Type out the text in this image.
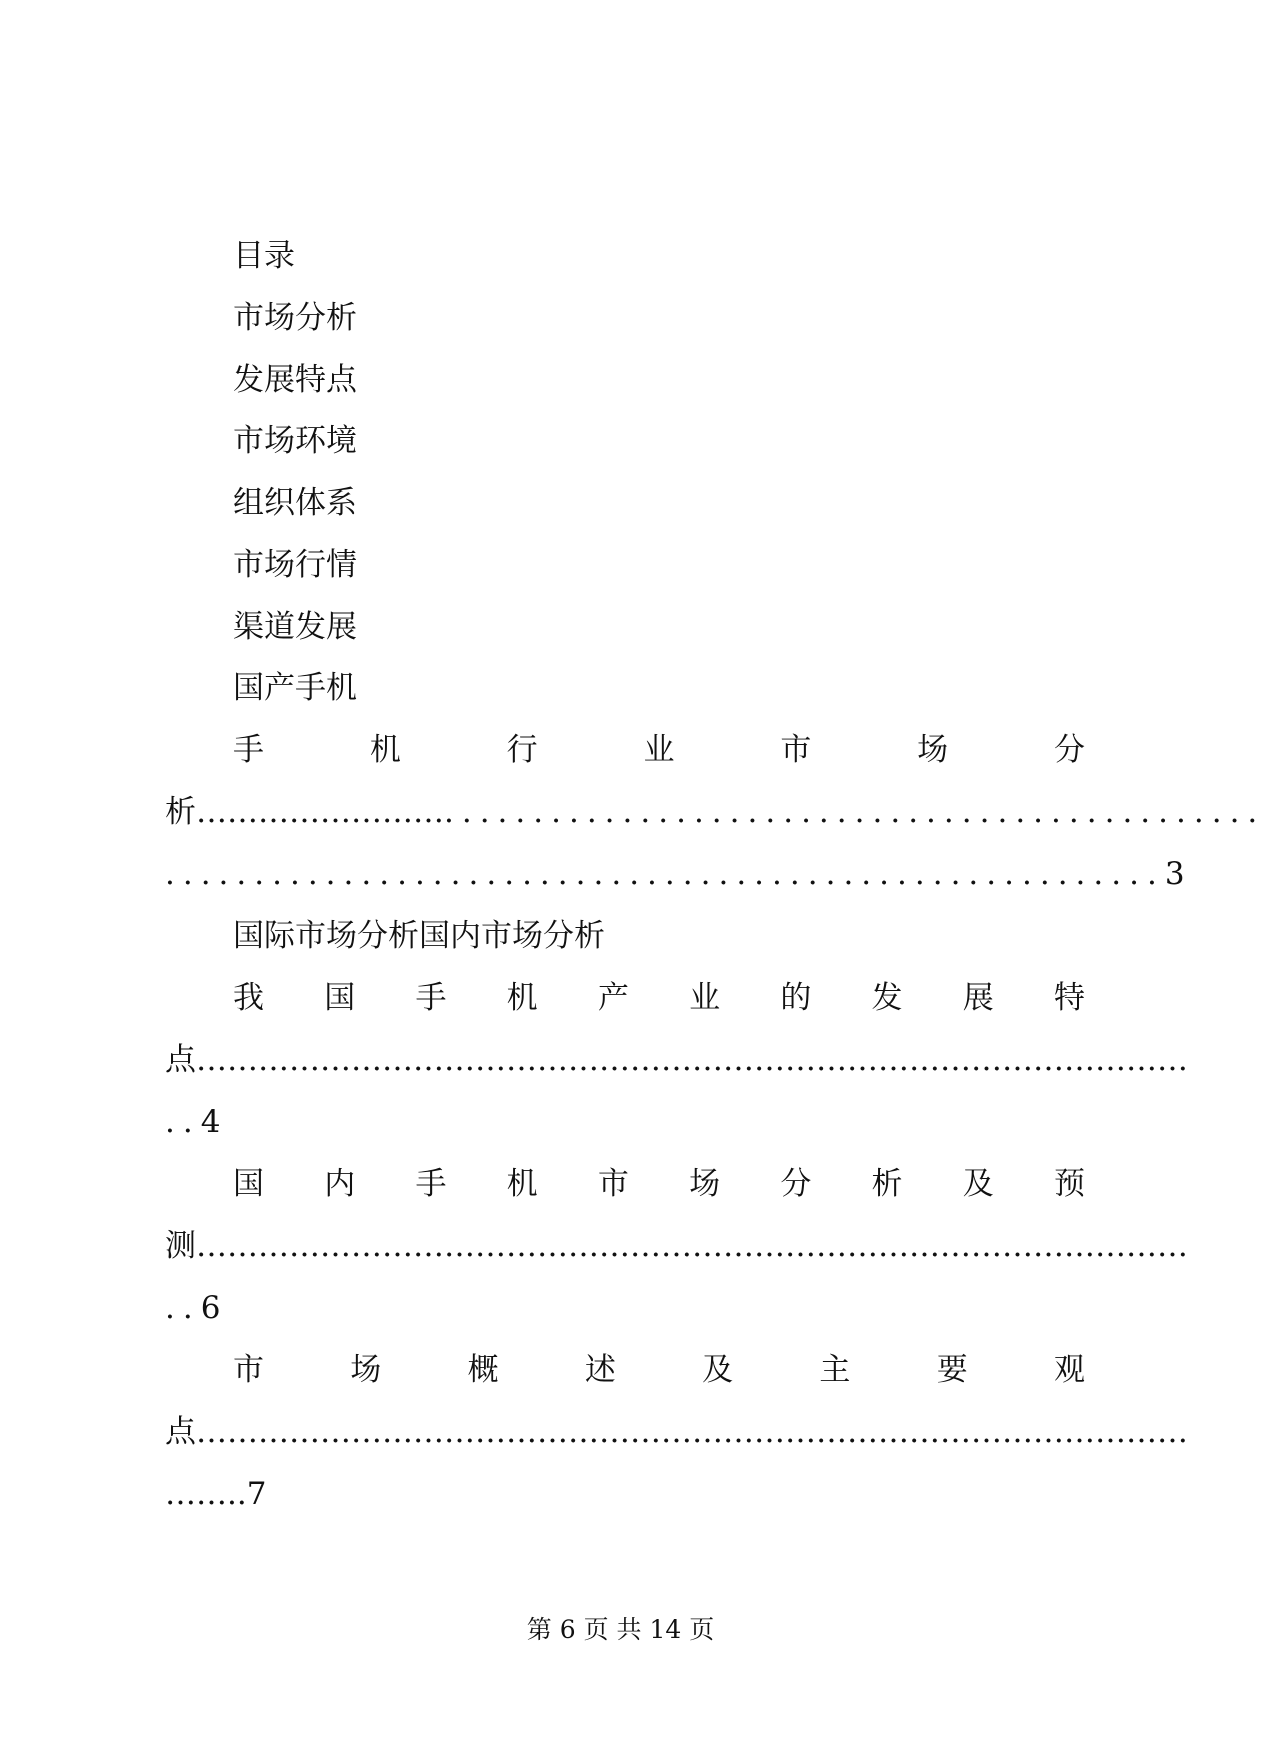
目录
市场分析
发展特点
市场环境
组织体系
市场行情
渠道发展
国产手机
手	机	行	业	市	场	分
析……………………..............................................
........................................................3
国际市场分析国内市场分析
我 国 手 机 产 业 的 发 展 特
点……………………………………………………………………………………
..4
国 内 手 机 市 场 分 析 及 预
测……………………………………………………………………………………
..6
市	场	概	述	及	主	要	观
点……………………………………………………………………………………
……..7
第 6 页 共 14 页
